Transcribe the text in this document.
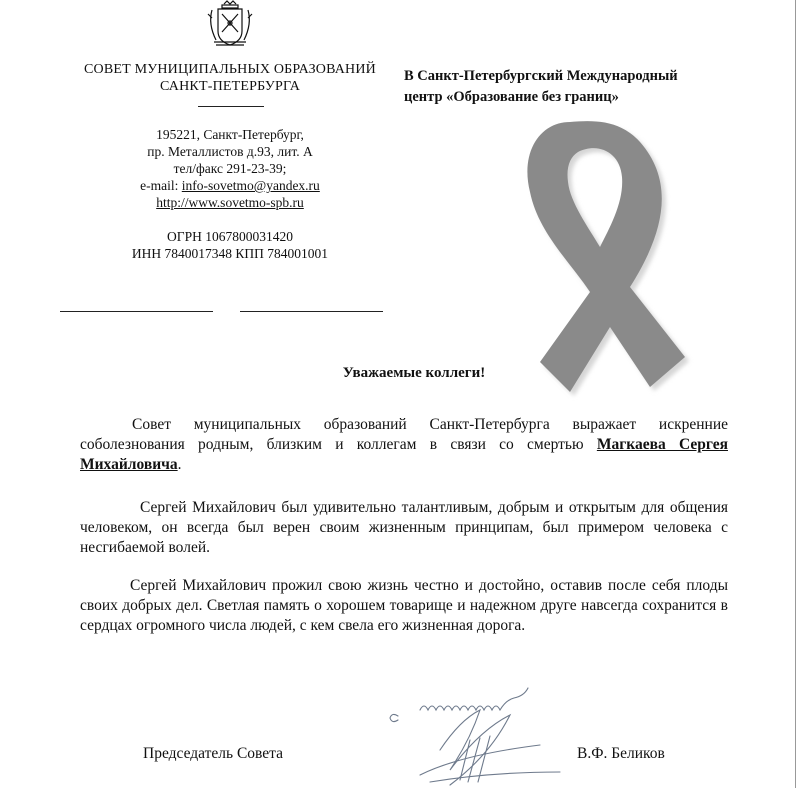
СОВЕТ МУНИЦИПАЛЬНЫХ ОБРАЗОВАНИЙ
САНКТ-ПЕТЕРБУРГА
195221, Санкт-Петербург,
пр. Металлистов д.93, лит. А
тел/факс 291-23-39;
e-mail: info-sovetmo@yandex.ru
http://www.sovetmo-spb.ru
ОГРН 1067800031420
ИНН 7840017348 КПП 784001001
В Санкт-Петербургский Международный
центр «Образование без границ»
Уважаемые коллеги!
Совет муниципальных образований Санкт-Петербурга выражает искренние соболезнования родным, близким и коллегам в связи со смертью Магкаева Сергея Михайловича.
Сергей Михайлович был удивительно талантливым, добрым и открытым для общения человеком, он всегда был верен своим жизненным принципам, был примером человека с несгибаемой волей.
Сергей Михайлович прожил свою жизнь честно и достойно, оставив после себя плоды своих добрых дел. Светлая память о хорошем товарище и надежном друге навсегда сохранится в сердцах огромного числа людей, с кем свела его жизненная дорога.
Председатель Совета	В.Ф. Беликов
